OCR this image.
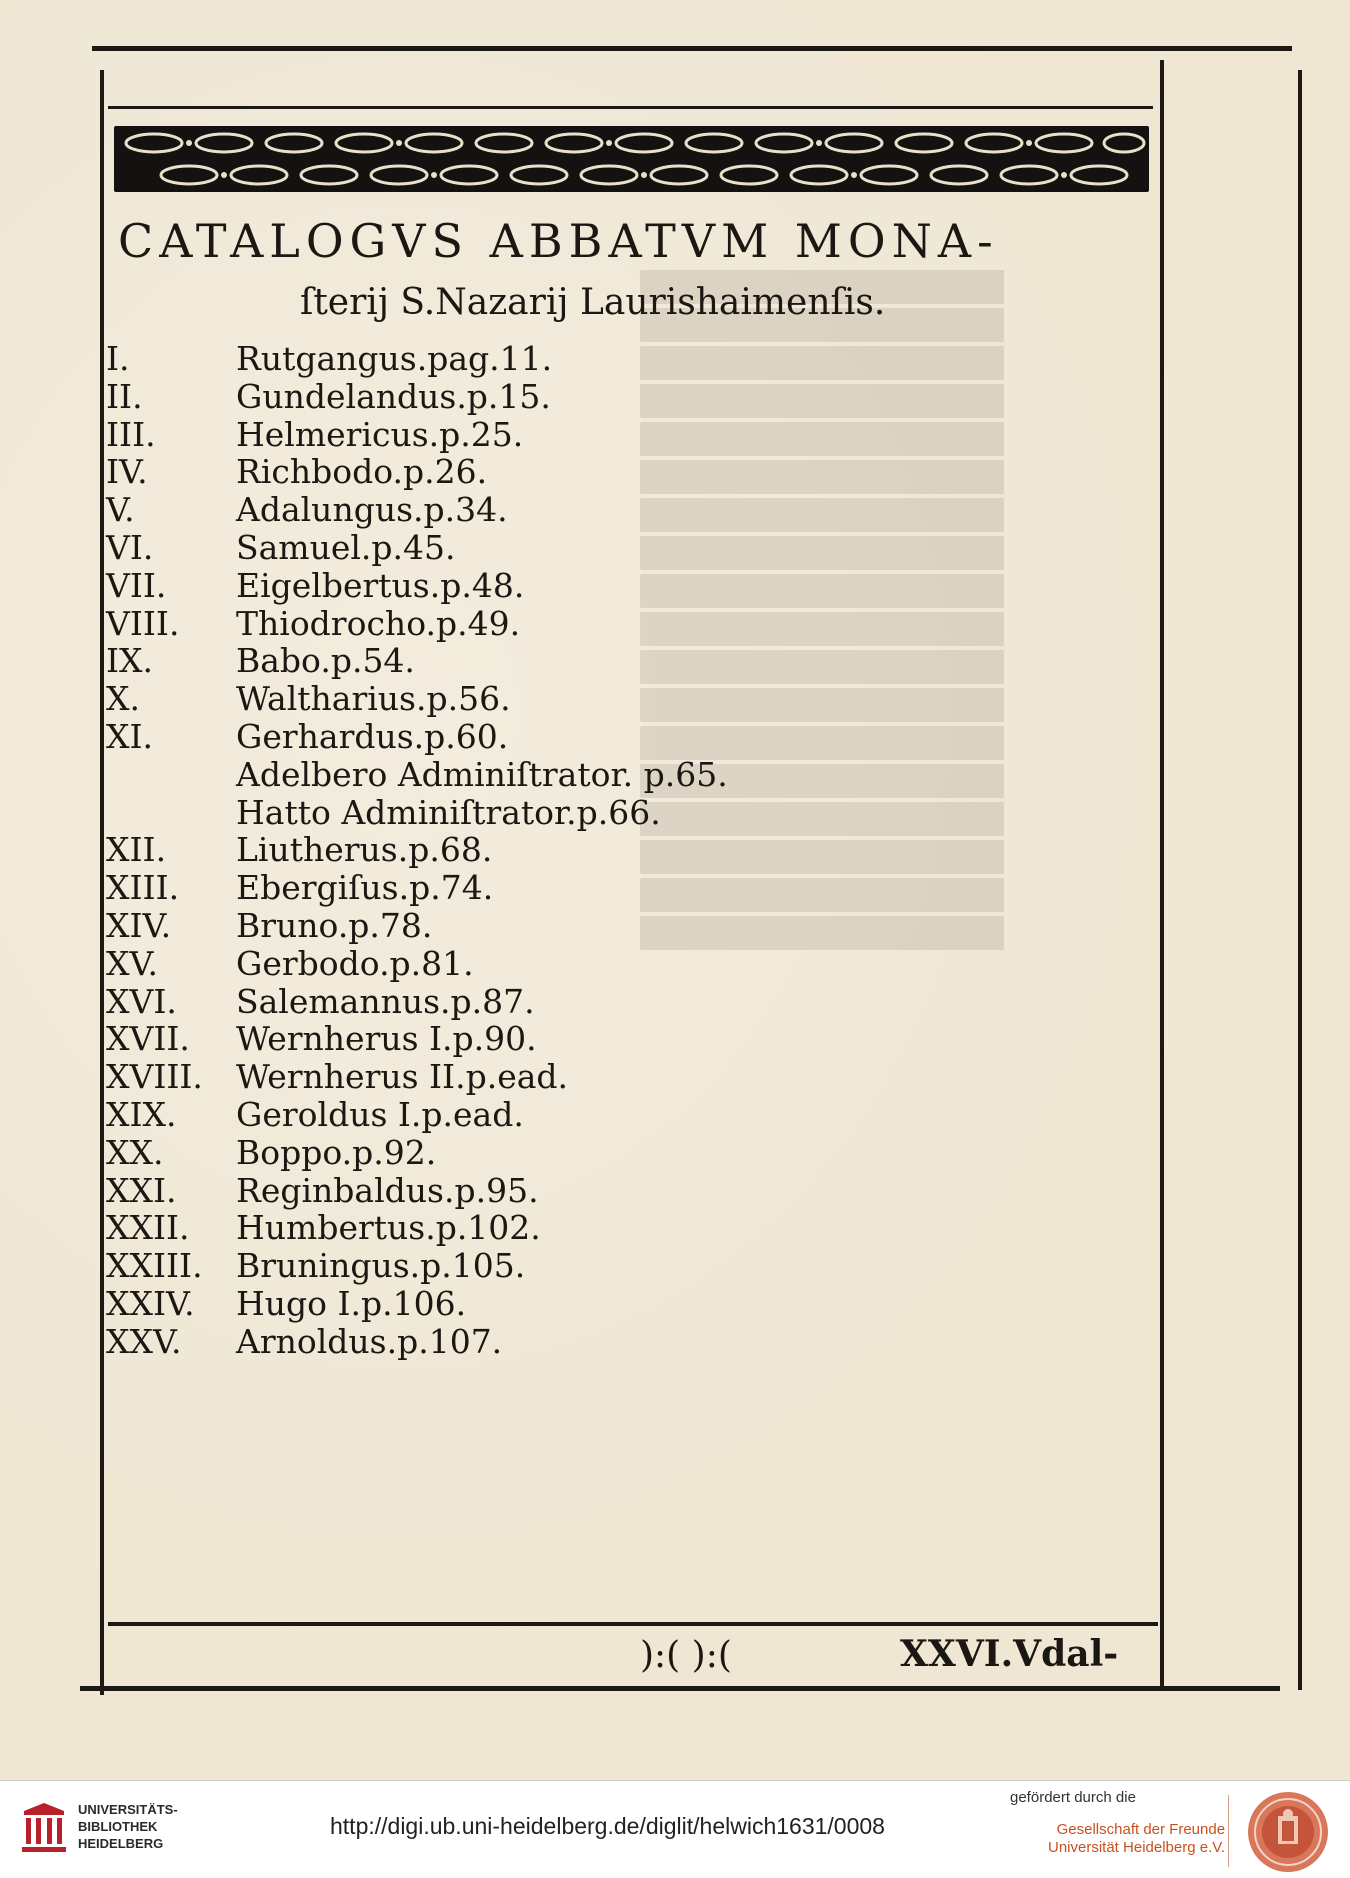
CATALOGVS ABBATVM MONA-
ſterij S.Nazarij Laurishaimenſis.
I.	Rutgangus.pag.11.
II.	Gundelandus.p.15.
III. Helmericus.p.25.
IV.	Richbodo.p.26.
V.	Adalungus.p.34.
VI.	Samuel.p.45.
VII. Eigelbertus.p.48.
VIII. Thiodrocho.p.49.
IX.	Babo.p.54.
X.	Waltharius.p.56.
XI.	Gerhardus.p.60.
Adelbero Adminiſtrator. p.65.
Hatto Adminiſtrator.p.66.
XII. Liutherus.p.68.
XIII. Ebergiſus.p.74.
XIV. Bruno.p.78.
XV. Gerbodo.p.81.
XVI. Salemannus.p.87.
XVII. Wernherus I.p.90.
XVIII. Wernherus II.p.ead.
XIX. Geroldus I.p.ead.
XX. Boppo.p.92.
XXI. Reginbaldus.p.95.
XXII. Humbertus.p.102.
XXIII. Bruningus.p.105.
XXIV. Hugo I.p.106.
XXV. Arnoldus.p.107.
):( ):(	XXVI.Vdal-
UNIVERSITÄTS-
BIBLIOTHEK
HEIDELBERG
http://digi.ub.uni-heidelberg.de/diglit/helwich1631/0008
gefördert durch die
Gesellschaft der Freunde
Universität Heidelberg e.V.
